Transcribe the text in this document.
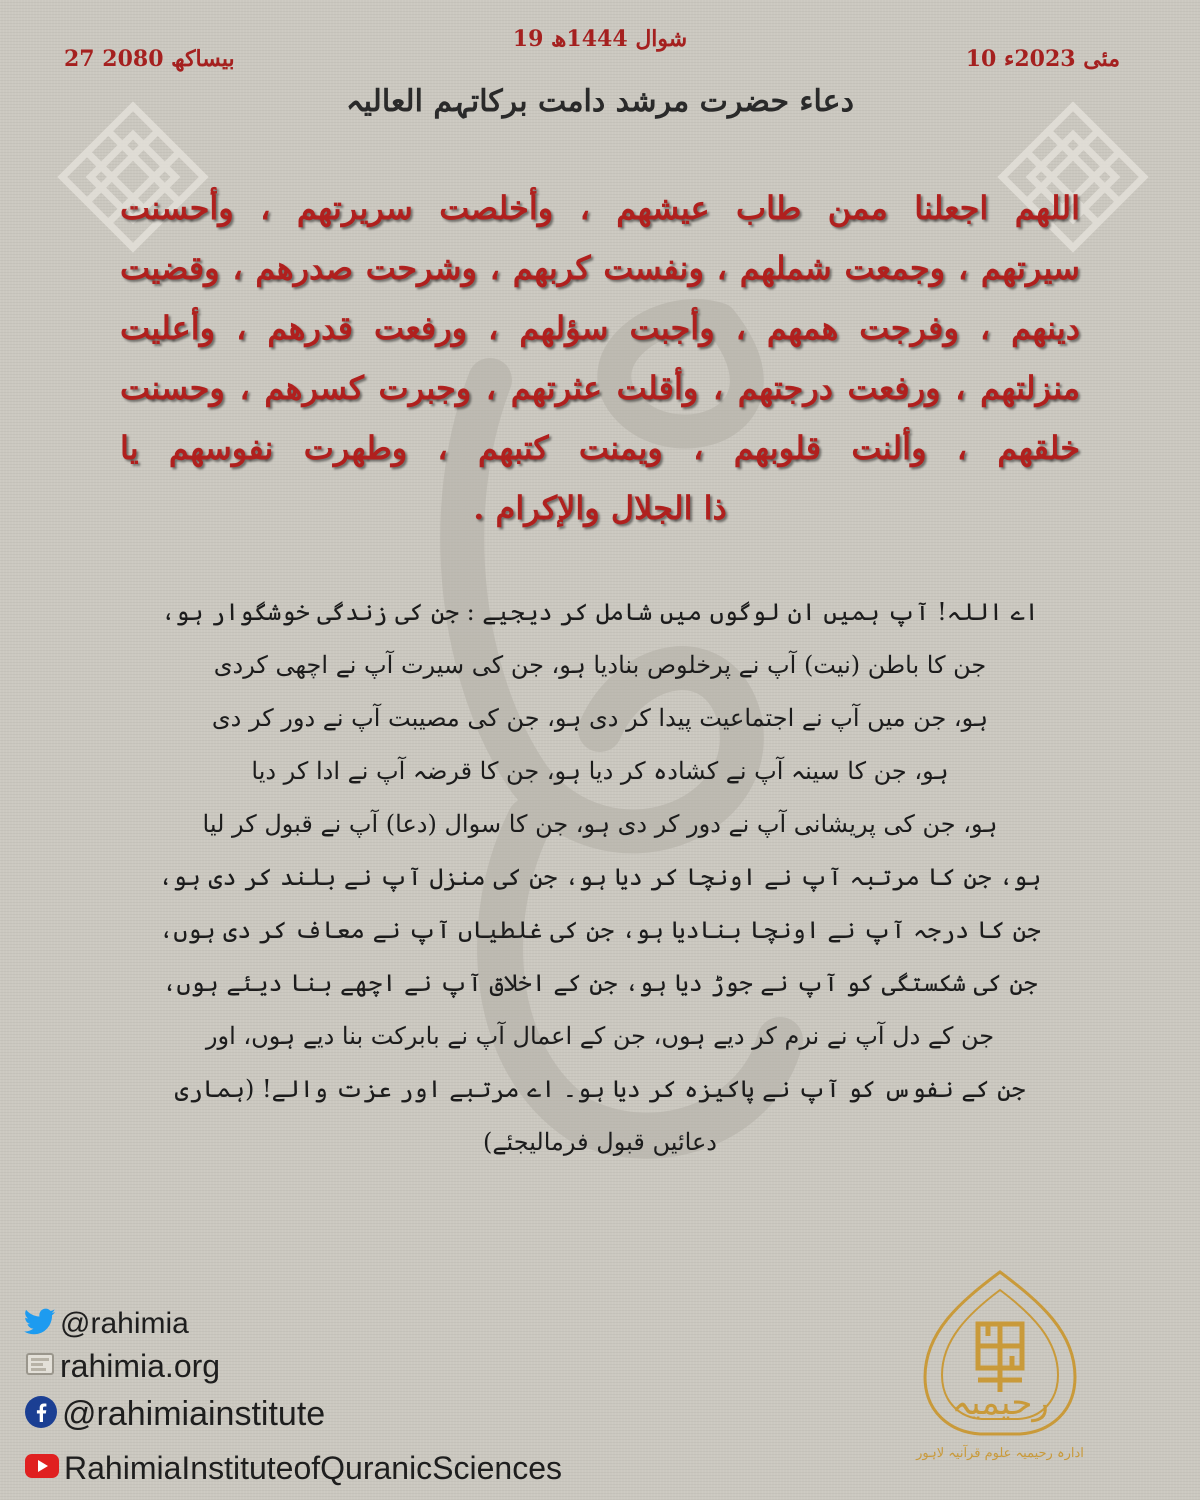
19 شوال 1444ھ
27 بیساکھ 2080	10 مئی 2023ء
دعاء حضرت مرشد دامت برکاتہم العالیہ
اللهم اجعلنا ممن طاب عيشهم ، وأخلصت سريرتهم ، وأحسنت
سيرتهم ، وجمعت شملهم ، ونفست كربهم ، وشرحت صدرهم ، وقضيت
دينهم ، وفرجت همهم ، وأجبت سؤلهم ، ورفعت قدرهم ، وأعليت
منزلتهم ، ورفعت درجتهم ، وأقلت عثرتهم ، وجبرت كسرهم ، وحسنت
خلقهم ، وألنت قلوبهم ، ويمنت كتبهم ، وطهرت نفوسهم يا
ذا الجلال والإكرام .
اے اللہ! آپ ہمیں ان لوگوں میں شامل کر دیجیے : جن کی زندگی خوشگوار ہو،
جن کا باطن (نیت) آپ نے پرخلوص بنادیا ہو، جن کی سیرت آپ نے اچھی کردی
ہو، جن میں آپ نے اجتماعیت پیدا کر دی ہو، جن کی مصیبت آپ نے دور کر دی
ہو، جن کا سینہ آپ نے کشادہ کر دیا ہو، جن کا قرضہ آپ نے ادا کر دیا
ہو، جن کی پریشانی آپ نے دور کر دی ہو، جن کا سوال (دعا) آپ نے قبول کر لیا
ہو، جن کا مرتبہ آپ نے اونچا کر دیا ہو، جن کی منزل آپ نے بلند کر دی ہو،
جن کا درجہ آپ نے اونچا بنادیا ہو، جن کی غلطیاں آپ نے معاف کر دی ہوں،
جن کی شکستگی کو آپ نے جوڑ دیا ہو، جن کے اخلاق آپ نے اچھے بنا دیئے ہوں،
جن کے دل آپ نے نرم کر دیے ہوں، جن کے اعمال آپ نے بابرکت بنا دیے ہوں، اور
جن کے نفوس کو آپ نے پاکیزہ کر دیا ہو۔ اے مرتبے اور عزت والے! (ہماری
دعائیں قبول فرمالیجئے)
@rahimia
rahimia.org
@rahimiainstitute
RahimiaInstituteofQuranicSciences
رحیمیہ
ادارہ رحیمیہ علوم قرآنیہ لاہور
